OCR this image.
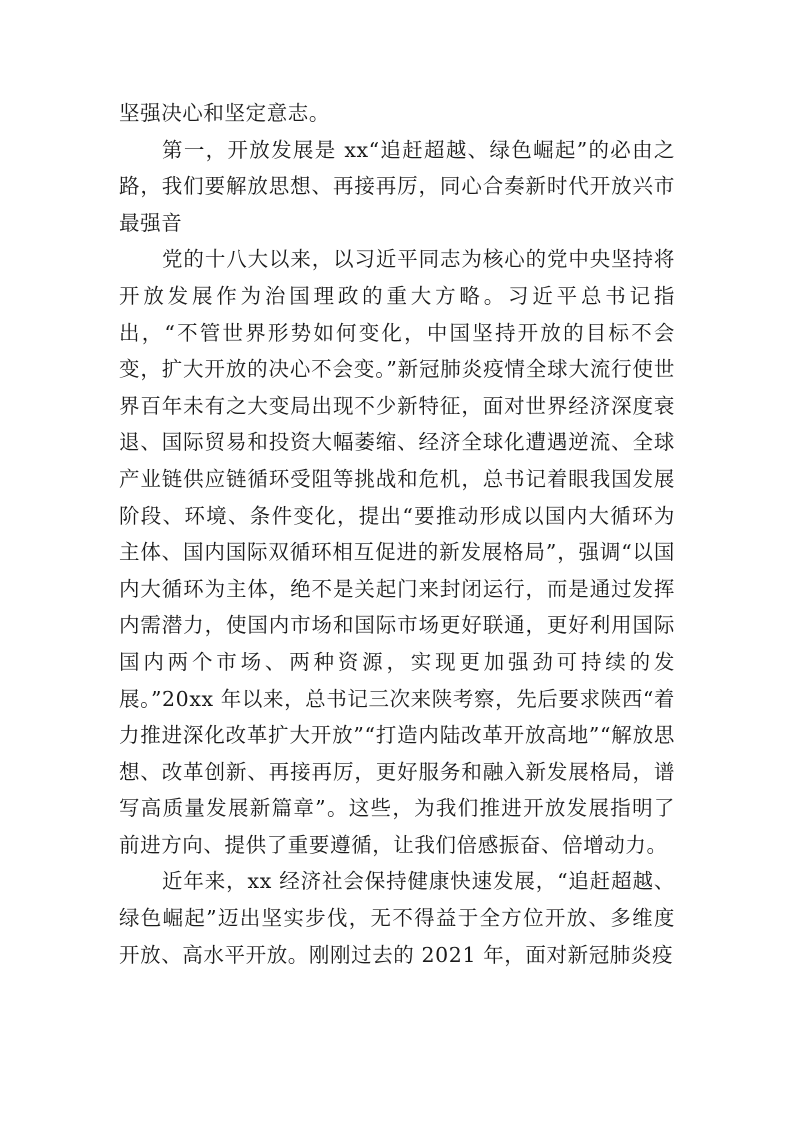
坚强决心和坚定意志。

第一，开放发展是 xx“追赶超越、绿色崛起”的必由之路，我们要解放思想、再接再厉，同心合奏新时代开放兴市最强音

党的十八大以来，以习近平同志为核心的党中央坚持将开放发展作为治国理政的重大方略。习近平总书记指出，“不管世界形势如何变化，中国坚持开放的目标不会变，扩大开放的决心不会变。”新冠肺炎疫情全球大流行使世界百年未有之大变局出现不少新特征，面对世界经济深度衰退、国际贸易和投资大幅萎缩、经济全球化遭遇逆流、全球产业链供应链循环受阻等挑战和危机，总书记着眼我国发展阶段、环境、条件变化，提出“要推动形成以国内大循环为主体、国内国际双循环相互促进的新发展格局”，强调“以国内大循环为主体，绝不是关起门来封闭运行，而是通过发挥内需潜力，使国内市场和国际市场更好联通，更好利用国际国内两个市场、两种资源，实现更加强劲可持续的发展。”20xx 年以来，总书记三次来陕考察，先后要求陕西“着力推进深化改革扩大开放”“打造内陆改革开放高地”“解放思想、改革创新、再接再厉，更好服务和融入新发展格局，谱写高质量发展新篇章”。这些，为我们推进开放发展指明了前进方向、提供了重要遵循，让我们倍感振奋、倍增动力。

近年来，xx 经济社会保持健康快速发展，“追赶超越、绿色崛起”迈出坚实步伐，无不得益于全方位开放、多维度开放、高水平开放。刚刚过去的 2021 年，面对新冠肺炎疫
